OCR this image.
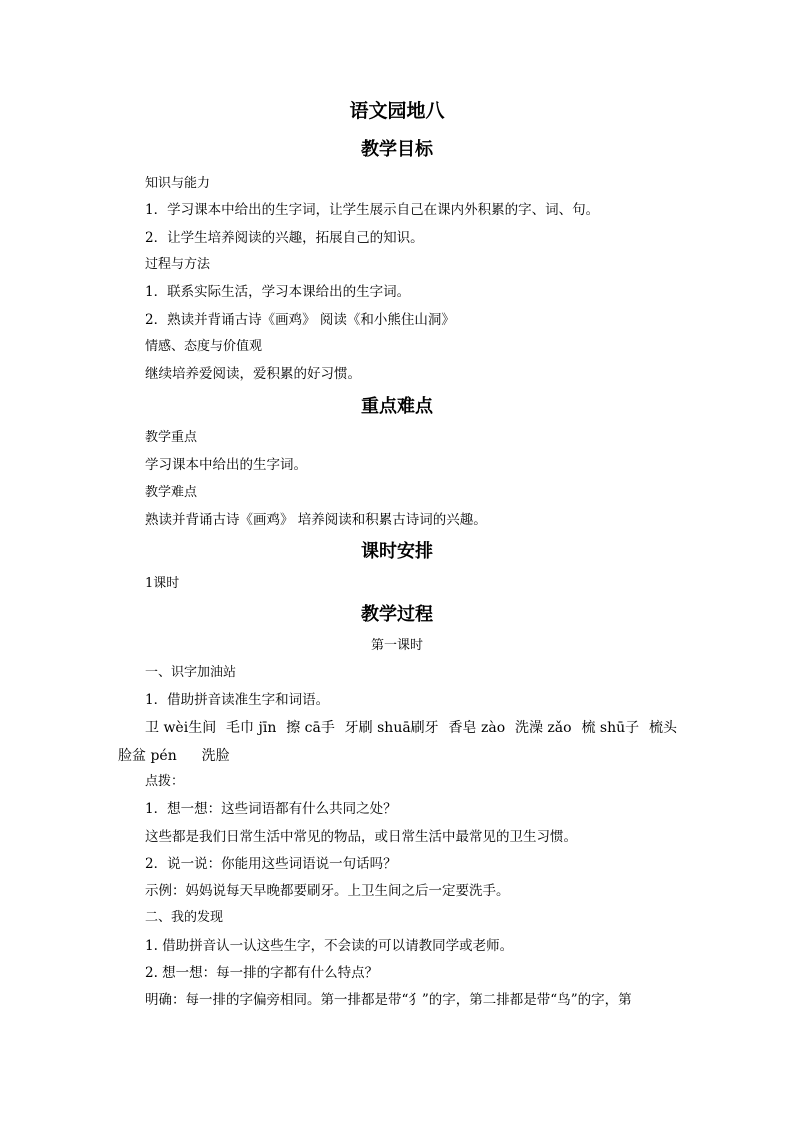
语文园地八
教学目标
知识与能力
1．学习课本中给出的生字词，让学生展示自己在课内外积累的字、词、句。
2．让学生培养阅读的兴趣，拓展自己的知识。
过程与方法
1．联系实际生活，学习本课给出的生字词。
2．熟读并背诵古诗《画鸡》 阅读《和小熊住山洞》
情感、态度与价值观
继续培养爱阅读，爱积累的好习惯。
重点难点
教学重点
学习课本中给出的生字词。
教学难点
熟读并背诵古诗《画鸡》 培养阅读和积累古诗词的兴趣。
课时安排
1课时
教学过程
第一课时
一、识字加油站
1．借助拼音读准生字和词语。
卫 wèi生间 毛巾 jīn 擦 cā手 牙刷 shuā刷牙 香皂 zào 洗澡 zǎo 梳 shū子 梳头
脸盆 pén 洗脸
点拨：
1．想一想：这些词语都有什么共同之处？
这些都是我们日常生活中常见的物品，或日常生活中最常见的卫生习惯。
2．说一说：你能用这些词语说一句话吗？
示例：妈妈说每天早晚都要刷牙。上卫生间之后一定要洗手。
二、我的发现
1. 借助拼音认一认这些生字，不会读的可以请教同学或老师。
2. 想一想：每一排的字都有什么特点？
明确：每一排的字偏旁相同。第一排都是带“犭”的字，第二排都是带“鸟”的字，第
